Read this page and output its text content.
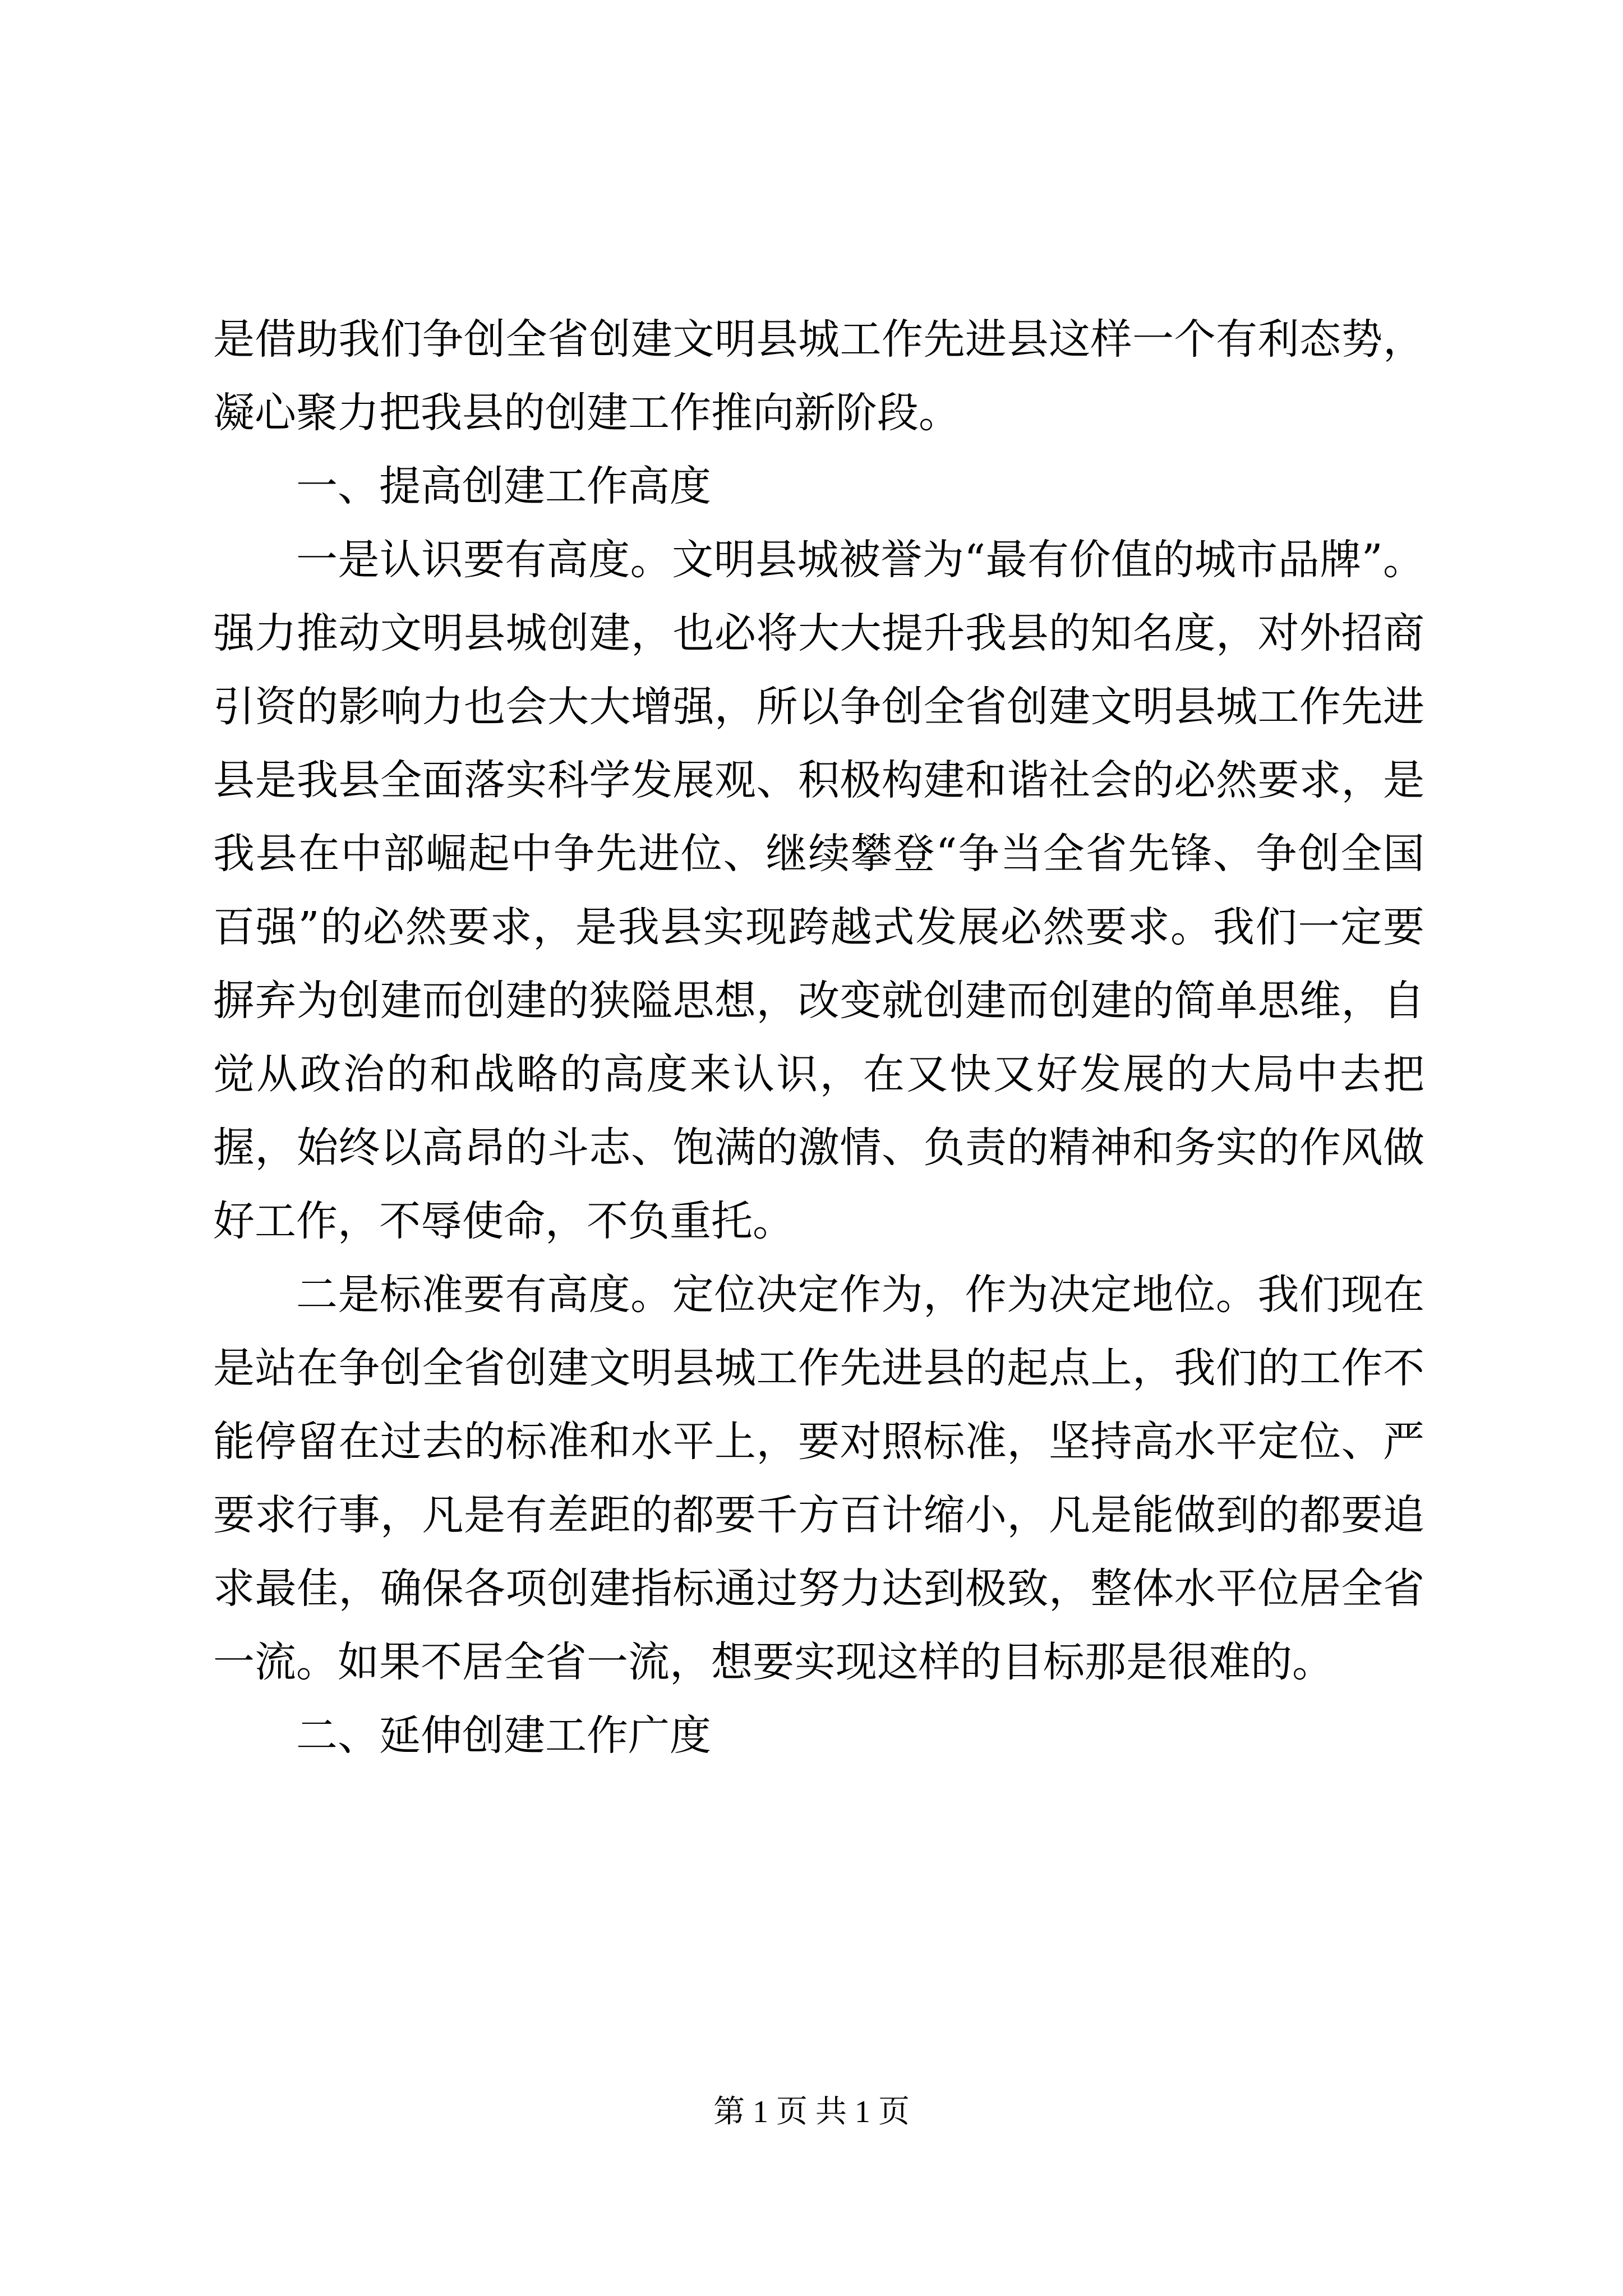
是借助我们争创全省创建文明县城工作先进县这样一个有利态势，凝心聚力把我县的创建工作推向新阶段。

一、提高创建工作高度

一是认识要有高度。文明县城被誉为“最有价值的城市品牌”。强力推动文明县城创建，也必将大大提升我县的知名度，对外招商引资的影响力也会大大增强，所以争创全省创建文明县城工作先进县是我县全面落实科学发展观、积极构建和谐社会的必然要求，是我县在中部崛起中争先进位、继续攀登“争当全省先锋、争创全国百强”的必然要求，是我县实现跨越式发展必然要求。我们一定要摒弃为创建而创建的狭隘思想，改变就创建而创建的简单思维，自觉从政治的和战略的高度来认识，在又快又好发展的大局中去把握，始终以高昂的斗志、饱满的激情、负责的精神和务实的作风做好工作，不辱使命，不负重托。

二是标准要有高度。定位决定作为，作为决定地位。我们现在是站在争创全省创建文明县城工作先进县的起点上，我们的工作不能停留在过去的标准和水平上，要对照标准，坚持高水平定位、严要求行事，凡是有差距的都要千方百计缩小，凡是能做到的都要追求最佳，确保各项创建指标通过努力达到极致，整体水平位居全省一流。如果不居全省一流，想要实现这样的目标那是很难的。

二、延伸创建工作广度

第 1 页 共 1 页
